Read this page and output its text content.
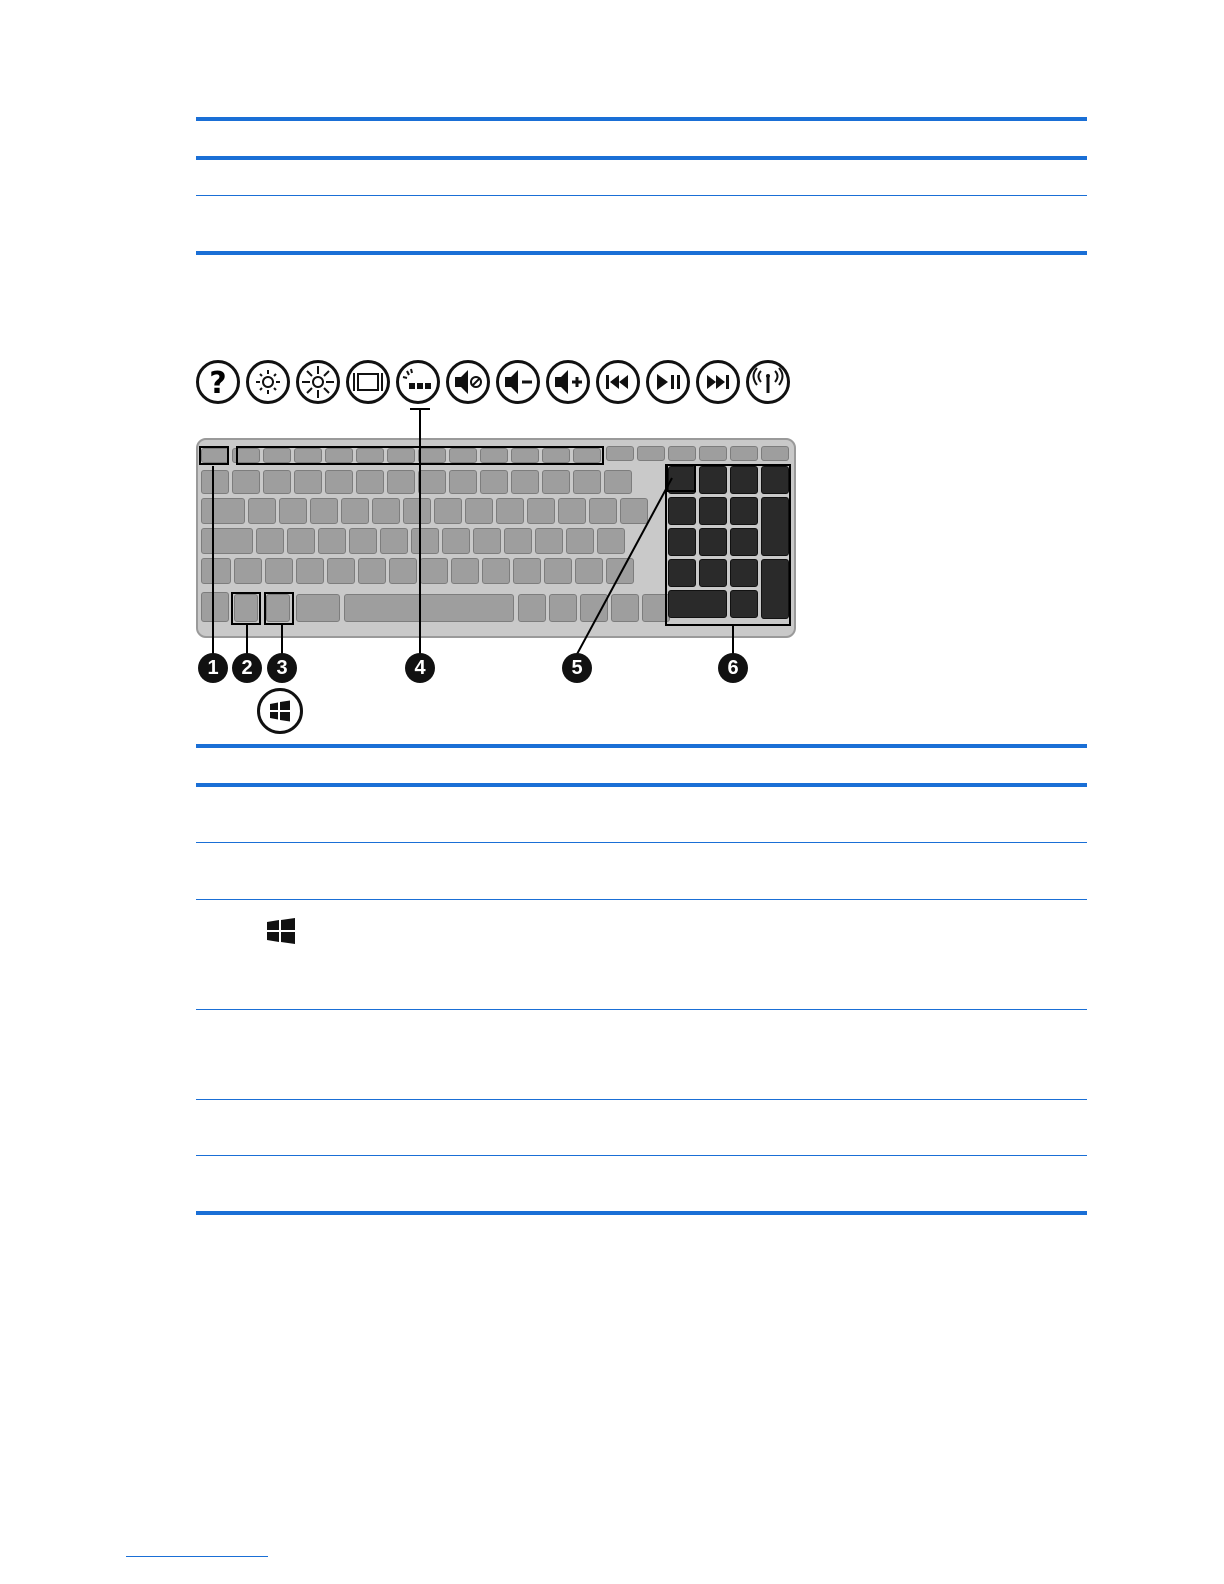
?
1	2	3	4	5	6
